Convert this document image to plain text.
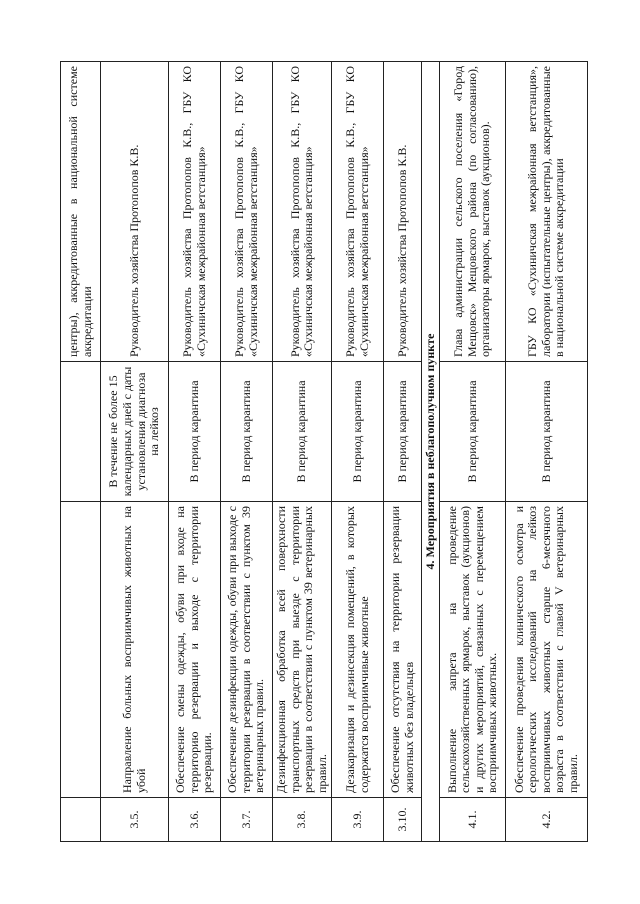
			центры), аккредитованные в национальной системе аккредитации
3.5.	Направление больных восприимчивых животных на убой	В течение не более 15 календарных дней с даты установления диагноза на лейкоз	Руководитель хозяйства Протопопов К.В.
3.6.	Обеспечение смены одежды, обуви при входе на территорию резервации и выходе с территории резервации.	В период карантина	Руководитель хозяйства Протопопов К.В., ГБУ КО «Сухиничская межрайонная ветстанция»
3.7.	Обеспечение дезинфекции одежды, обуви при выходе с территории резервации в соответствии с пунктом 39 ветеринарных правил.	В период карантина	Руководитель хозяйства Протопопов К.В., ГБУ КО «Сухиничская межрайонная ветстанция»
3.8.	Дезинфекционная обработка всей поверхности транспортных средств при выезде с территории резервации в соответствии с пунктом 39 ветеринарных правил.	В период карантина	Руководитель хозяйства Протопопов К.В., ГБУ КО «Сухиничская межрайонная ветстанция»
3.9.	Дезакаризация и дезинсекция помещений, в которых содержатся восприимчивые животные	В период карантина	Руководитель хозяйства Протопопов К.В., ГБУ КО «Сухиничская межрайонная ветстанция»
3.10.	Обеспечение отсутствия на территории резервации животных без владельцев	В период карантина	Руководитель хозяйства Протопопов К.В.
4. Мероприятия в неблагополучном пункте			
4.1.	Выполнение запрета на проведение сельскохозяйственных ярмарок, выставок (аукционов) и других мероприятий, связанных с перемещением восприимчивых животных.	В период карантина	Глава администрации сельского поселения «Город Мещовск» Мещовского района (по согласованию), организаторы ярмарок, выставок (аукционов).
4.2.	Обеспечение проведения клинического осмотра и серологических исследований на лейкоз восприимчивых животных старше 6-месячного возраста в соответствии с главой V ветеринарных правил.	В период карантина	ГБУ КО «Сухиничская межрайонная ветстанция», лаборатории (испытательные центры), аккредитованные в национальной системе аккредитации
